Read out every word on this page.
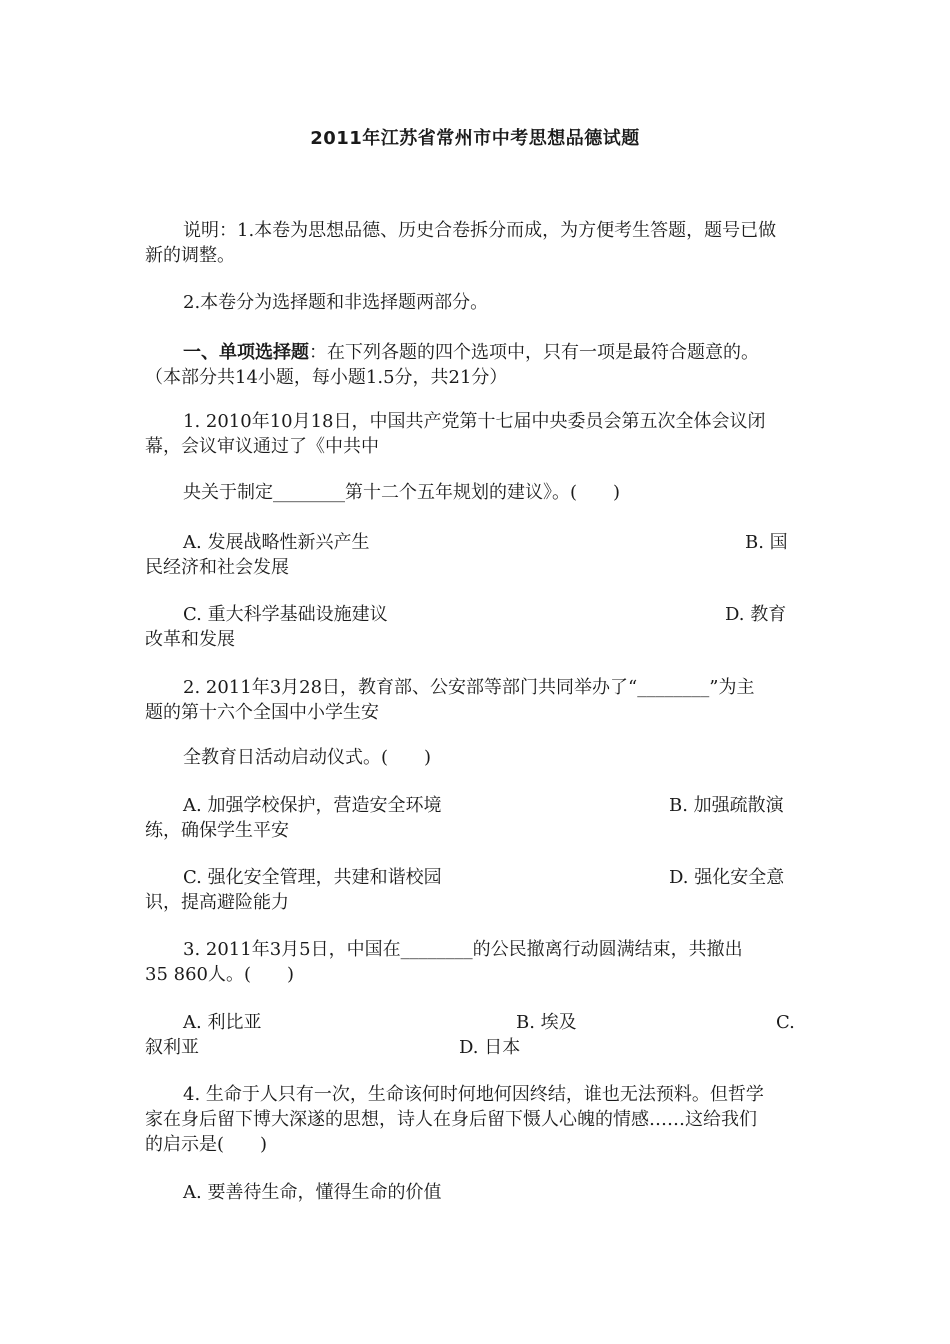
2011年江苏省常州市中考思想品德试题
说明：1.本卷为思想品德、历史合卷拆分而成，为方便考生答题，题号已做
新的调整。
2.本卷分为选择题和非选择题两部分。
一、单项选择题：在下列各题的四个选项中，只有一项是最符合题意的。
（本部分共14小题，每小题1.5分，共21分）
1. 2010年10月18日，中国共产党第十七届中央委员会第五次全体会议闭
幕，会议审议通过了《中共中
央关于制定________第十二个五年规划的建议》。(　　)
A. 发展战略性新兴产生	B. 国
民经济和社会发展
C. 重大科学基础设施建议	D. 教育
改革和发展
2. 2011年3月28日，教育部、公安部等部门共同举办了“________”为主
题的第十六个全国中小学生安
全教育日活动启动仪式。(　　)
A. 加强学校保护，营造安全环境	B. 加强疏散演
练，确保学生平安
C. 强化安全管理，共建和谐校园	D. 强化安全意
识，提高避险能力
3. 2011年3月5日，中国在________的公民撤离行动圆满结束，共撤出
35 860人。(　　)
A. 利比亚	B. 埃及	C.
叙利亚	D. 日本
4. 生命于人只有一次，生命该何时何地何因终结，谁也无法预料。但哲学
家在身后留下博大深遂的思想，诗人在身后留下慑人心魄的情感……这给我们
的启示是(　　)
A. 要善待生命，懂得生命的价值
